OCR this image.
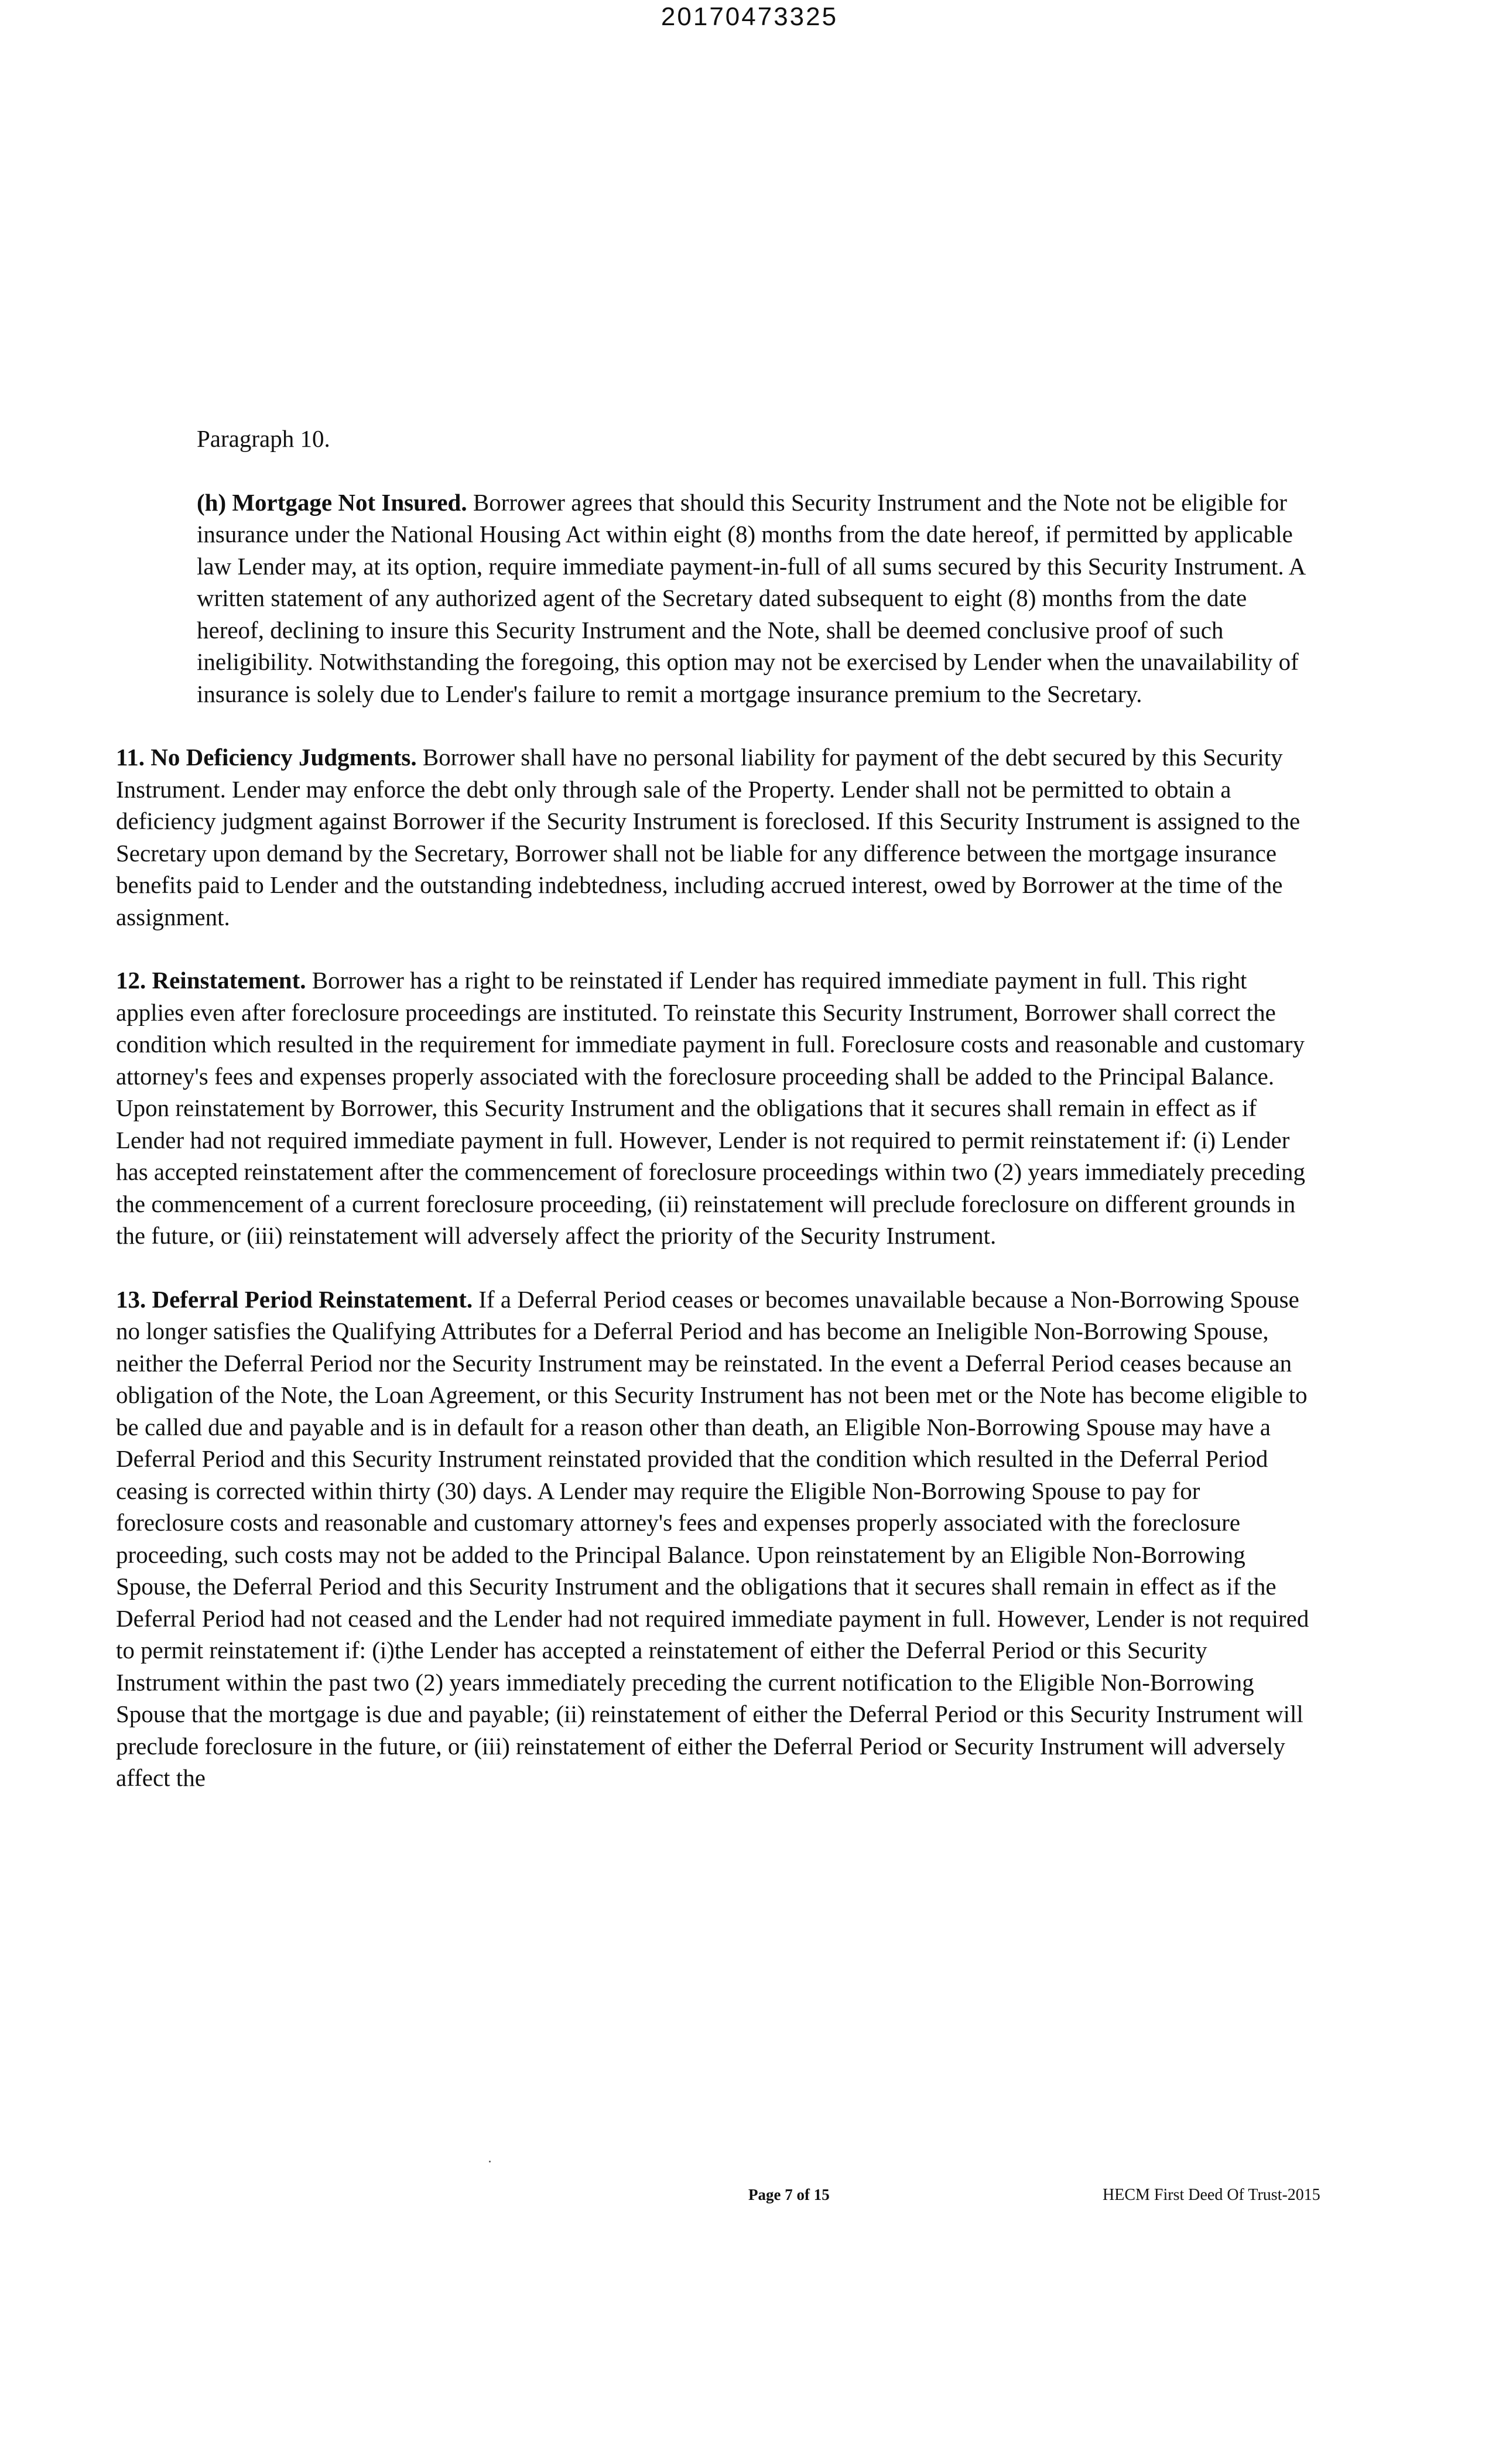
20170473325

Paragraph 10.

(h) Mortgage Not Insured. Borrower agrees that should this Security Instrument and the Note not be eligible for insurance under the National Housing Act within eight (8) months from the date hereof, if permitted by applicable law Lender may, at its option, require immediate payment-in-full of all sums secured by this Security Instrument. A written statement of any authorized agent of the Secretary dated subsequent to eight (8) months from the date hereof, declining to insure this Security Instrument and the Note, shall be deemed conclusive proof of such ineligibility. Notwithstanding the foregoing, this option may not be exercised by Lender when the unavailability of insurance is solely due to Lender's failure to remit a mortgage insurance premium to the Secretary.

11. No Deficiency Judgments. Borrower shall have no personal liability for payment of the debt secured by this Security Instrument. Lender may enforce the debt only through sale of the Property. Lender shall not be permitted to obtain a deficiency judgment against Borrower if the Security Instrument is foreclosed. If this Security Instrument is assigned to the Secretary upon demand by the Secretary, Borrower shall not be liable for any difference between the mortgage insurance benefits paid to Lender and the outstanding indebtedness, including accrued interest, owed by Borrower at the time of the assignment.

12. Reinstatement. Borrower has a right to be reinstated if Lender has required immediate payment in full. This right applies even after foreclosure proceedings are instituted. To reinstate this Security Instrument, Borrower shall correct the condition which resulted in the requirement for immediate payment in full. Foreclosure costs and reasonable and customary attorney's fees and expenses properly associated with the foreclosure proceeding shall be added to the Principal Balance. Upon reinstatement by Borrower, this Security Instrument and the obligations that it secures shall remain in effect as if Lender had not required immediate payment in full. However, Lender is not required to permit reinstatement if: (i) Lender has accepted reinstatement after the commencement of foreclosure proceedings within two (2) years immediately preceding the commencement of a current foreclosure proceeding, (ii) reinstatement will preclude foreclosure on different grounds in the future, or (iii) reinstatement will adversely affect the priority of the Security Instrument.

13. Deferral Period Reinstatement. If a Deferral Period ceases or becomes unavailable because a Non-Borrowing Spouse no longer satisfies the Qualifying Attributes for a Deferral Period and has become an Ineligible Non-Borrowing Spouse, neither the Deferral Period nor the Security Instrument may be reinstated. In the event a Deferral Period ceases because an obligation of the Note, the Loan Agreement, or this Security Instrument has not been met or the Note has become eligible to be called due and payable and is in default for a reason other than death, an Eligible Non-Borrowing Spouse may have a Deferral Period and this Security Instrument reinstated provided that the condition which resulted in the Deferral Period ceasing is corrected within thirty (30) days. A Lender may require the Eligible Non-Borrowing Spouse to pay for foreclosure costs and reasonable and customary attorney's fees and expenses properly associated with the foreclosure proceeding, such costs may not be added to the Principal Balance. Upon reinstatement by an Eligible Non-Borrowing Spouse, the Deferral Period and this Security Instrument and the obligations that it secures shall remain in effect as if the Deferral Period had not ceased and the Lender had not required immediate payment in full. However, Lender is not required to permit reinstatement if: (i)the Lender has accepted a reinstatement of either the Deferral Period or this Security Instrument within the past two (2) years immediately preceding the current notification to the Eligible Non-Borrowing Spouse that the mortgage is due and payable; (ii) reinstatement of either the Deferral Period or this Security Instrument will preclude foreclosure in the future, or (iii) reinstatement of either the Deferral Period or Security Instrument will adversely affect the

Page 7 of 15	HECM First Deed Of Trust-2015
